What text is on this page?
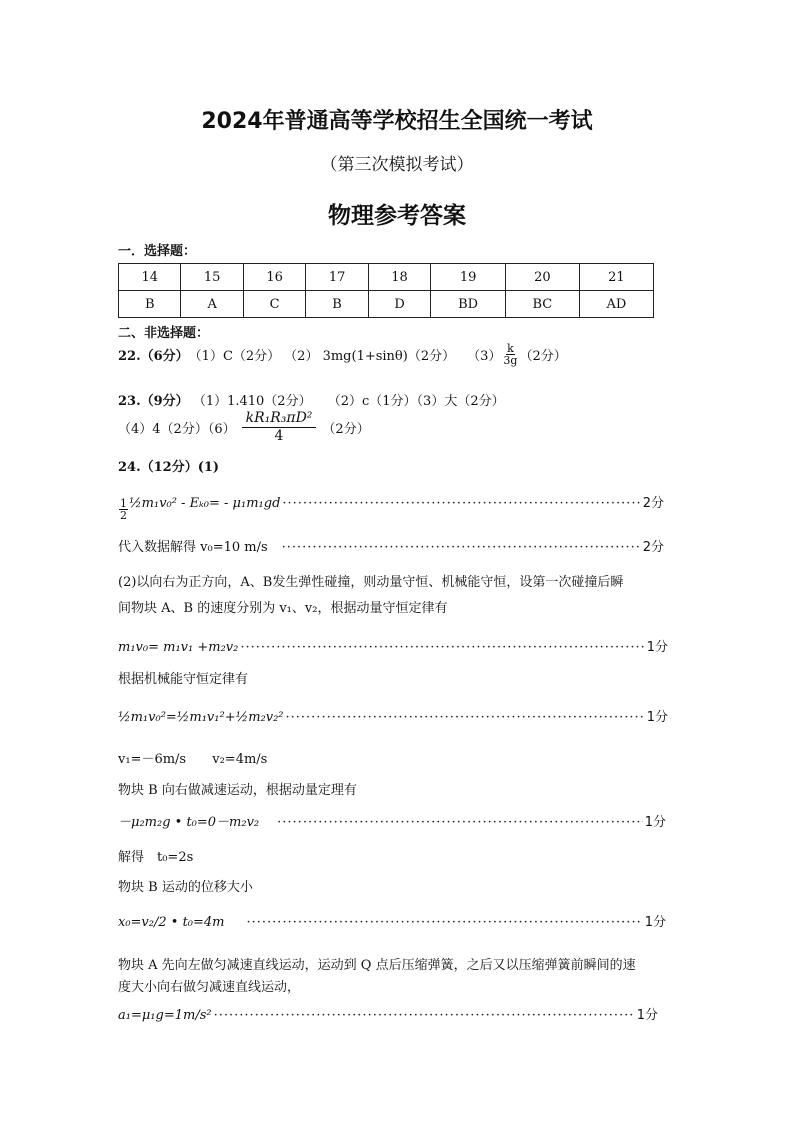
2024年普通高等学校招生全国统一考试
（第三次模拟考试）
物理参考答案
一．选择题：
14	15	16	17	18	19	20	21
B	A	C	B	D	BD	BC	AD
二、非选择题：
22.（6分） （1）C（2分） （2） 3mg(1+sinθ)（2分） $(3) \frac{k}{3g} (2$分）
23.（9分） （1）1.410（2分） （2）c（1分）（3）大（2分）
（4）4（2分）$(6) \frac{\text{kR₁R₃πD²}}{4} (2$分）
24.（12分）(1)
$\frac{1}{2}$ ½m₁v₀² - Eₖ₀= - μ₁m₁gd ·····	2分
代入数据解得 v₀=10 m/s ·····	2分
(2)以向右为正方向，A、B发生弹性碰撞，则动量守恒、机械能守恒，设第一次碰撞后瞬
间物块 A、B 的速度分别为 v₁、v₂，根据动量守恒定律有
m₁v₀= m₁v₁ +m₂v₂ ·····	1分
根据机械能守恒定律有
½m₁v₀²=½m₁v₁²+½m₂v₂² ·····	1分
v₁=－6m/s v₂=4m/s
物块 B 向右做减速运动，根据动量定理有
－μ₂m₂g • t₀=0－m₂v₂ ·····	1分
解得　t₀=2s
物块 B 运动的位移大小
x₀=v₂/2 • t₀=4m ·····	1分
物块 A 先向左做匀减速直线运动，运动到 Q 点后压缩弹簧，之后又以压缩弹簧前瞬间的速
度大小向右做匀减速直线运动，
a₁=μ₁g=1m/s² ·····	1分
